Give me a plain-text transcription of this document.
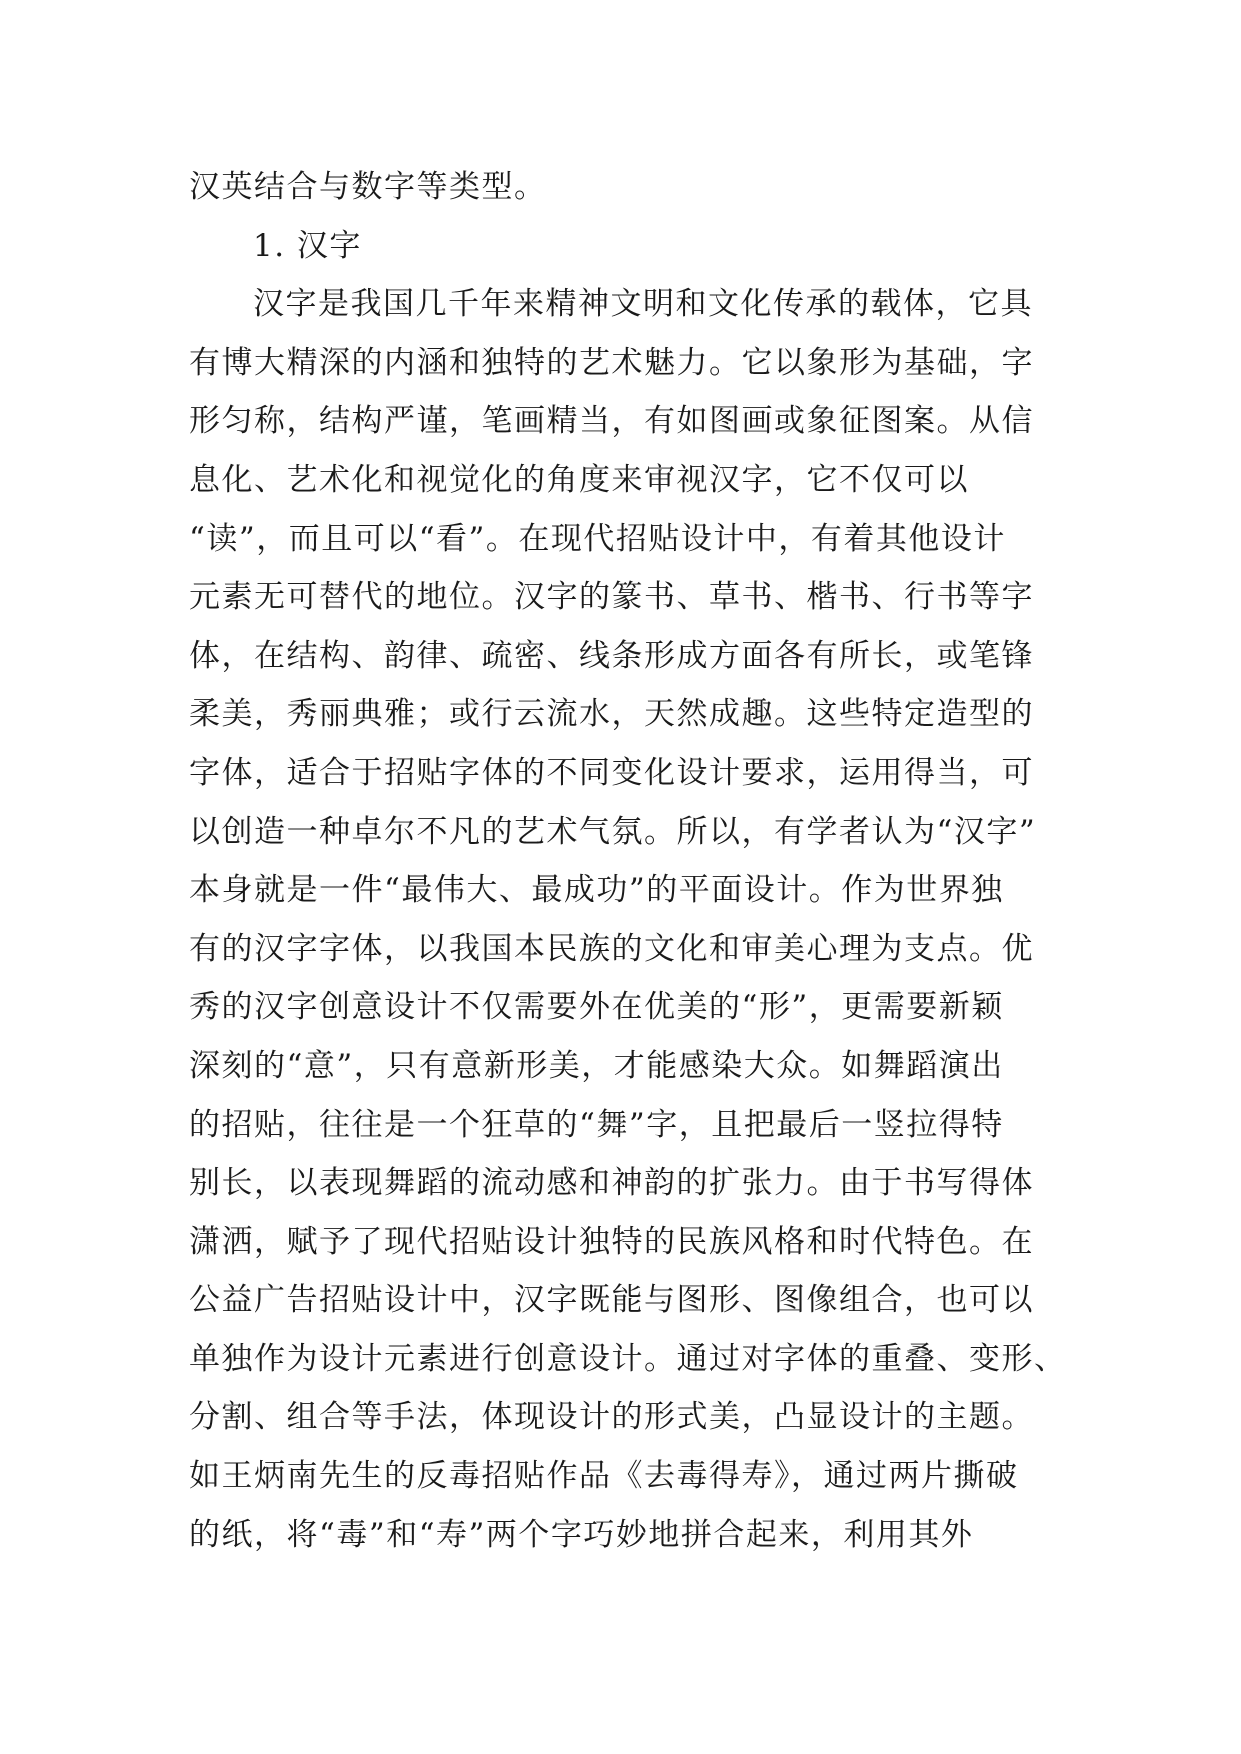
汉英结合与数字等类型。
1. 汉字
汉字是我国几千年来精神文明和文化传承的载体，它具
有博大精深的内涵和独特的艺术魅力。它以象形为基础，字
形匀称，结构严谨，笔画精当，有如图画或象征图案。从信
息化、艺术化和视觉化的角度来审视汉字，它不仅可以
“读”，而且可以“看”。在现代招贴设计中，有着其他设计
元素无可替代的地位。汉字的篆书、草书、楷书、行书等字
体，在结构、韵律、疏密、线条形成方面各有所长，或笔锋
柔美，秀丽典雅；或行云流水，天然成趣。这些特定造型的
字体，适合于招贴字体的不同变化设计要求，运用得当，可
以创造一种卓尔不凡的艺术气氛。所以，有学者认为“汉字”
本身就是一件“最伟大、最成功”的平面设计。作为世界独
有的汉字字体，以我国本民族的文化和审美心理为支点。优
秀的汉字创意设计不仅需要外在优美的“形”，更需要新颖
深刻的“意”，只有意新形美，才能感染大众。如舞蹈演出
的招贴，往往是一个狂草的“舞”字，且把最后一竖拉得特
别长，以表现舞蹈的流动感和神韵的扩张力。由于书写得体
潇洒，赋予了现代招贴设计独特的民族风格和时代特色。在
公益广告招贴设计中，汉字既能与图形、图像组合，也可以
单独作为设计元素进行创意设计。通过对字体的重叠、变形、
分割、组合等手法，体现设计的形式美，凸显设计的主题。
如王炳南先生的反毒招贴作品《去毒得寿》，通过两片撕破
的纸，将“毒”和“寿”两个字巧妙地拼合起来，利用其外
